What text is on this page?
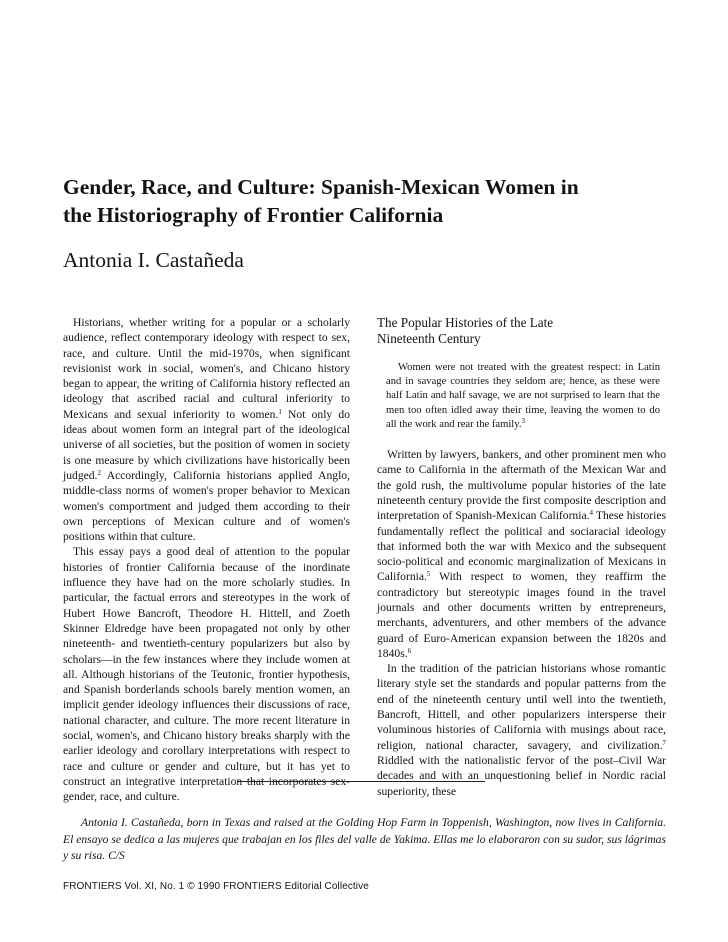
Gender, Race, and Culture: Spanish-Mexican Women in
the Historiography of Frontier California
Antonia I. Castañeda

Historians, whether writing for a popular or a scholarly audience, reflect contemporary ideology with respect to sex, race, and culture. Until the mid-1970s, when significant revisionist work in social, women's, and Chicano history began to appear, the writing of California history reflected an ideology that ascribed racial and cultural inferiority to Mexicans and sexual inferiority to women.$^1$ Not only do ideas about women form an integral part of the ideological universe of all societies, but the position of women in society is one measure by which civilizations have historically been judged.$^2$ Accordingly, California historians applied Anglo, middle-class norms of women's proper behavior to Mexican women's comportment and judged them according to their own perceptions of Mexican culture and of women's positions within that culture.

This essay pays a good deal of attention to the popular histories of frontier California because of the inordinate influence they have had on the more scholarly studies. In particular, the factual errors and stereotypes in the work of Hubert Howe Bancroft, Theodore H. Hittell, and Zoeth Skinner Eldredge have been propagated not only by other nineteenth- and twentieth-century popularizers but also by scholars—in the few instances where they include women at all. Although historians of the Teutonic, frontier hypothesis, and Spanish borderlands schools barely mention women, an implicit gender ideology influences their discussions of race, national character, and culture. The more recent literature in social, women's, and Chicano history breaks sharply with the earlier ideology and corollary interpretations with respect to race and culture or gender and culture, but it has yet to construct an integrative interpretation that incorporates sex-gender, race, and culture.

The Popular Histories of the Late
Nineteenth Century

Women were not treated with the greatest respect: in Latin and in savage countries they seldom are; hence, as these were half Latin and half savage, we are not surprised to learn that the men too often idled away their time, leaving the women to do all the work and rear the family.$^3$

Written by lawyers, bankers, and other prominent men who came to California in the aftermath of the Mexican War and the gold rush, the multivolume popular histories of the late nineteenth century provide the first composite description and interpretation of Spanish-Mexican California.$^4$ These histories fundamentally reflect the political and sociaracial ideology that informed both the war with Mexico and the subsequent socio-political and economic marginalization of Mexicans in California.$^5$ With respect to women, they reaffirm the contradictory but stereotypic images found in the travel journals and other documents written by entrepreneurs, merchants, adventurers, and other members of the advance guard of Euro-American expansion between the 1820s and 1840s.$^6$

In the tradition of the patrician historians whose romantic literary style set the standards and popular patterns from the end of the nineteenth century until well into the twentieth, Bancroft, Hittell, and other popularizers intersperse their voluminous histories of California with musings about race, religion, national character, savagery, and civilization.$^7$ Riddled with the nationalistic fervor of the post–Civil War decades and with an unquestioning belief in Nordic racial superiority, these

Antonia I. Castañeda, born in Texas and raised at the Golding Hop Farm in Toppenish, Washington, now lives in California. El ensayo se dedica a las mujeres que trabajan en los files del valle de Yakima. Ellas me lo elaboraron con su sudor, sus lágrimas y su risa. C/S

FRONTIERS Vol. XI, No. 1 © 1990 FRONTIERS Editorial Collective
